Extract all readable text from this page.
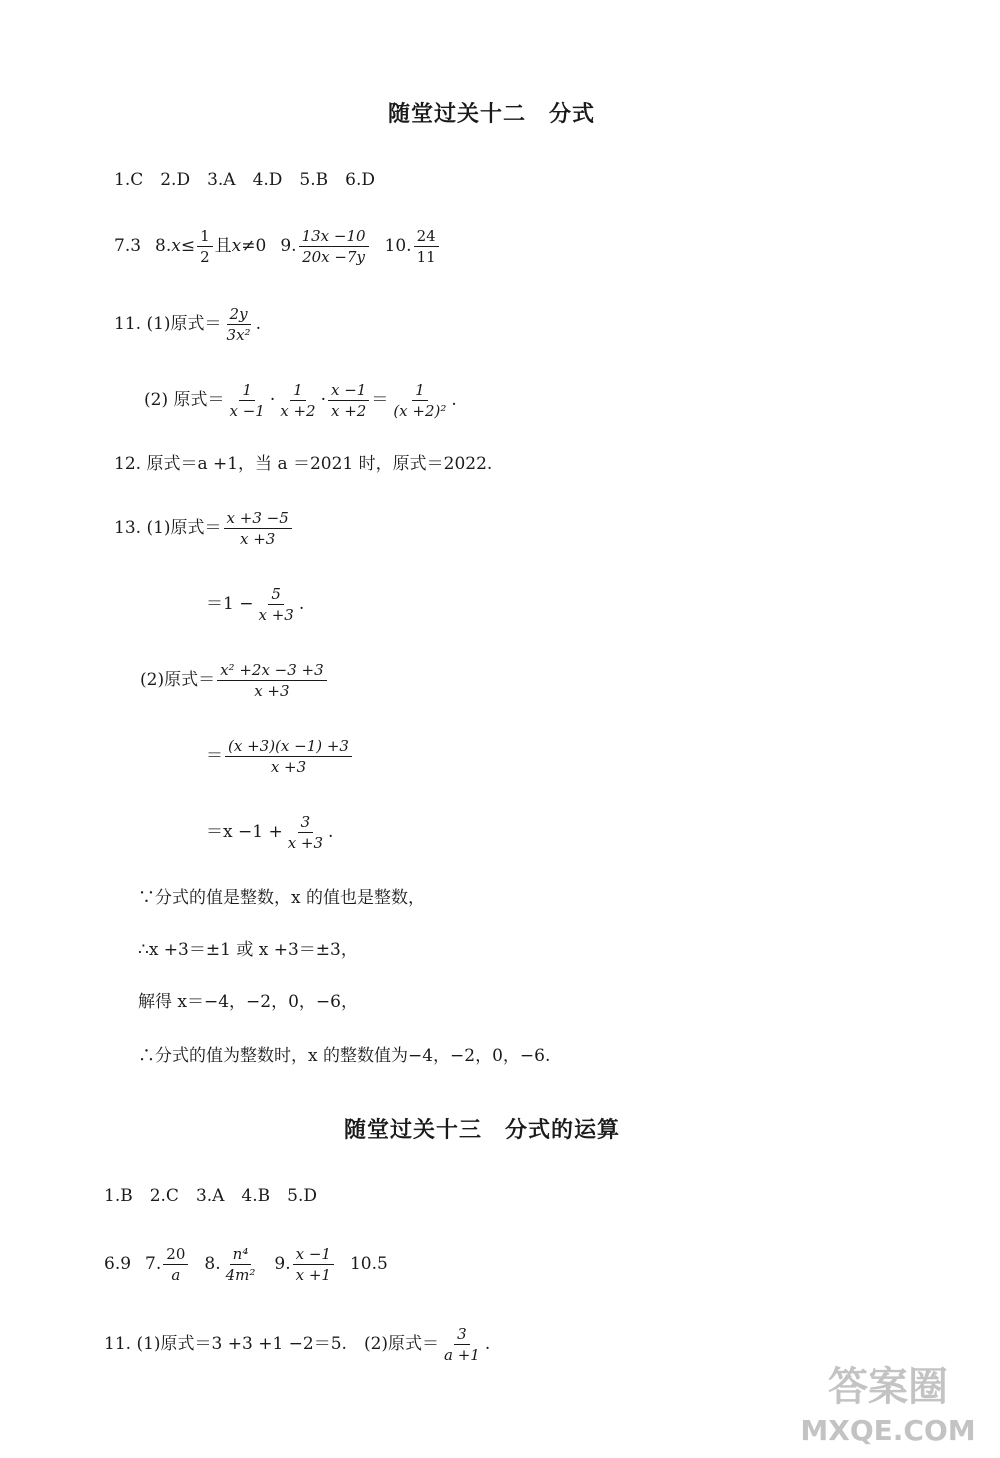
随堂过关十二　分式
1.C　2.D　3.A　4.D　5.B　6.D
7.3 8. $x \le \frac{1}{2}$ 且 x ≠0 9. $\frac{13x -10}{20x -7y} 10$. $\frac{24}{11}$
11. (1)原式＝ $\frac{2y}{\text{3x²}}$ .
(2) 原式＝ $\frac{1}{x -1} \cdot \frac{1}{x +2} \cdot \frac{x -1}{x +2} = \frac{1}{\text{(x +2)²}}$ .
12. 原式＝a +1，当 a ＝2021 时，原式＝2022.
13. (1)原式＝ $\frac{x +3 -5}{x +3}$
$=1 - \frac{5}{x +3}$ .
(2)原式＝ $\frac{\text{x² +2x −3 +3}}{x +3}$
＝ $\frac{(x +3)(x -1) +3}{x +3}$
$=x -1 + \frac{3}{x +3}$ .
∵分式的值是整数，x 的值也是整数，
∴x +3＝±1 或 x +3＝±3，
解得 x＝−4，−2，0，−6，
∴分式的值为整数时，x 的整数值为−4，−2，0，−6.
随堂过关十三　分式的运算
1.B　2.C　3.A　4.B　5.D
6.9 7. $\frac{20}{a} 8$. $\frac{\text{n⁴}}{\text{4m²}} 9$. $\frac{x -1}{x +1} 10.5$
11. (1)原式＝3 +3 +1 −2＝5.　(2)原式＝ $\frac{3}{a +1}$ .
答案圈
MXQE.COM
